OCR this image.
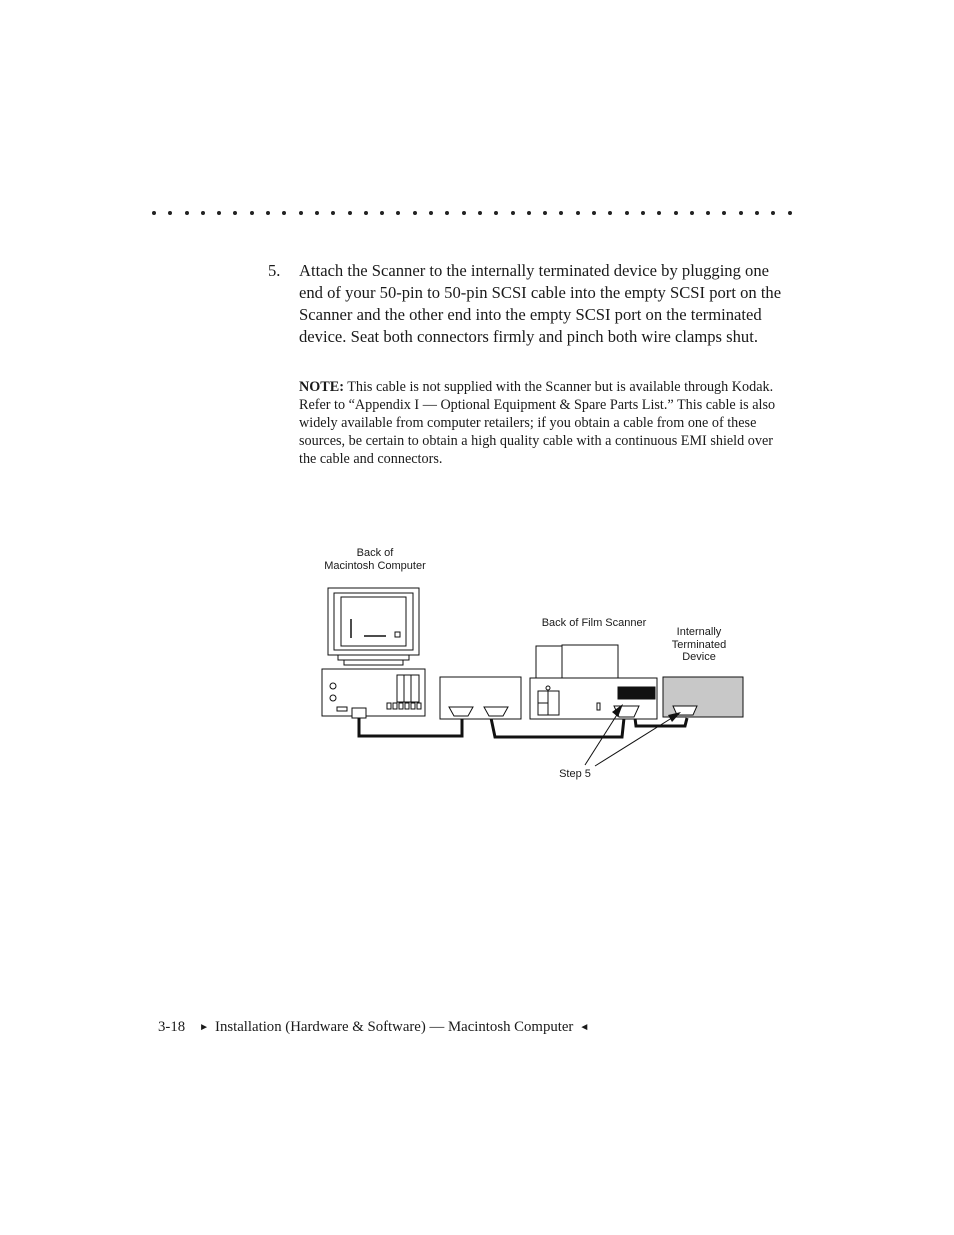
5. Attach the Scanner to the internally terminated device by plugging one end of your 50-pin to 50-pin SCSI cable into the empty SCSI port on the Scanner and the other end into the empty SCSI port on the terminated device. Seat both connectors firmly and pinch both wire clamps shut.
NOTE: This cable is not supplied with the Scanner but is available through Kodak. Refer to “Appendix I — Optional Equipment & Spare Parts List.” This cable is also widely available from computer retailers; if you obtain a cable from one of these sources, be certain to obtain a high quality cable with a continuous EMI shield over the cable and connectors.
Back of
Macintosh Computer
Back of Film Scanner
Internally
Terminated
Device
Step 5
3-18 ► Installation (Hardware & Software) — Macintosh Computer ◄
